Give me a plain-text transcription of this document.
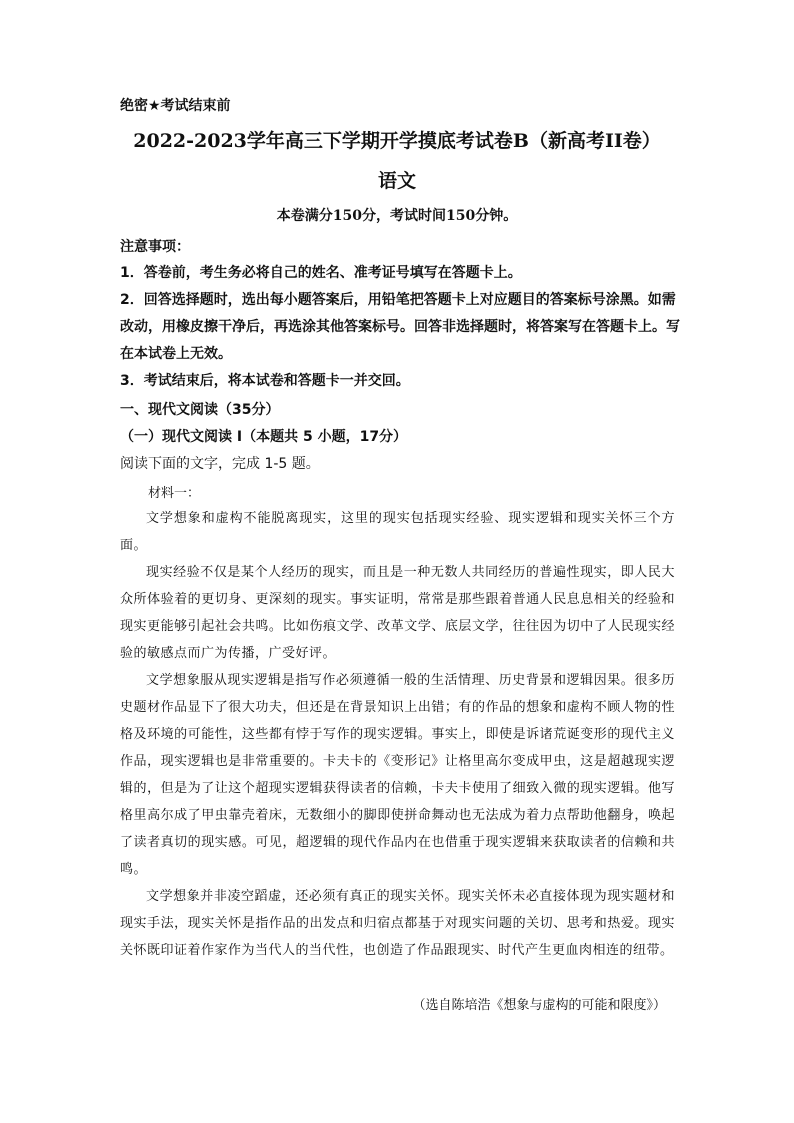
绝密★考试结束前
2022-2023学年高三下学期开学摸底考试卷B（新高考II卷）
语文
本卷满分150分，考试时间150分钟。
注意事项：
1．答卷前，考生务必将自己的姓名、准考证号填写在答题卡上。
2．回答选择题时，选出每小题答案后，用铅笔把答题卡上对应题目的答案标号涂黑。如需改动，用橡皮擦干净后，再选涂其他答案标号。回答非选择题时，将答案写在答题卡上。写在本试卷上无效。
3．考试结束后，将本试卷和答题卡一并交回。
一、现代文阅读（35分）
（一）现代文阅读 I（本题共 5 小题，17分）
阅读下面的文字，完成 1-5 题。
材料一：

文学想象和虚构不能脱离现实，这里的现实包括现实经验、现实逻辑和现实关怀三个方面。

现实经验不仅是某个人经历的现实，而且是一种无数人共同经历的普遍性现实，即人民大众所体验着的更切身、更深刻的现实。事实证明，常常是那些跟着普通人民息息相关的经验和现实更能够引起社会共鸣。比如伤痕文学、改革文学、底层文学，往往因为切中了人民现实经验的敏感点而广为传播，广受好评。

文学想象服从现实逻辑是指写作必须遵循一般的生活情理、历史背景和逻辑因果。很多历史题材作品显下了很大功夫，但还是在背景知识上出错；有的作品的想象和虚构不顾人物的性格及环境的可能性，这些都有悖于写作的现实逻辑。事实上，即使是诉诸荒诞变形的现代主义作品，现实逻辑也是非常重要的。卡夫卡的《变形记》让格里高尔变成甲虫，这是超越现实逻辑的，但是为了让这个超现实逻辑获得读者的信赖，卡夫卡使用了细致入微的现实逻辑。他写格里高尔成了甲虫靠壳着床，无数细小的脚即使拼命舞动也无法成为着力点帮助他翻身，唤起了读者真切的现实感。可见，超逻辑的现代作品内在也借重于现实逻辑来获取读者的信赖和共鸣。

文学想象并非凌空蹈虚，还必须有真正的现实关怀。现实关怀未必直接体现为现实题材和现实手法，现实关怀是指作品的出发点和归宿点都基于对现实问题的关切、思考和热爱。现实关怀既印证着作家作为当代人的当代性，也创造了作品跟现实、时代产生更血肉相连的纽带。

（选自陈培浩《想象与虚构的可能和限度》）
